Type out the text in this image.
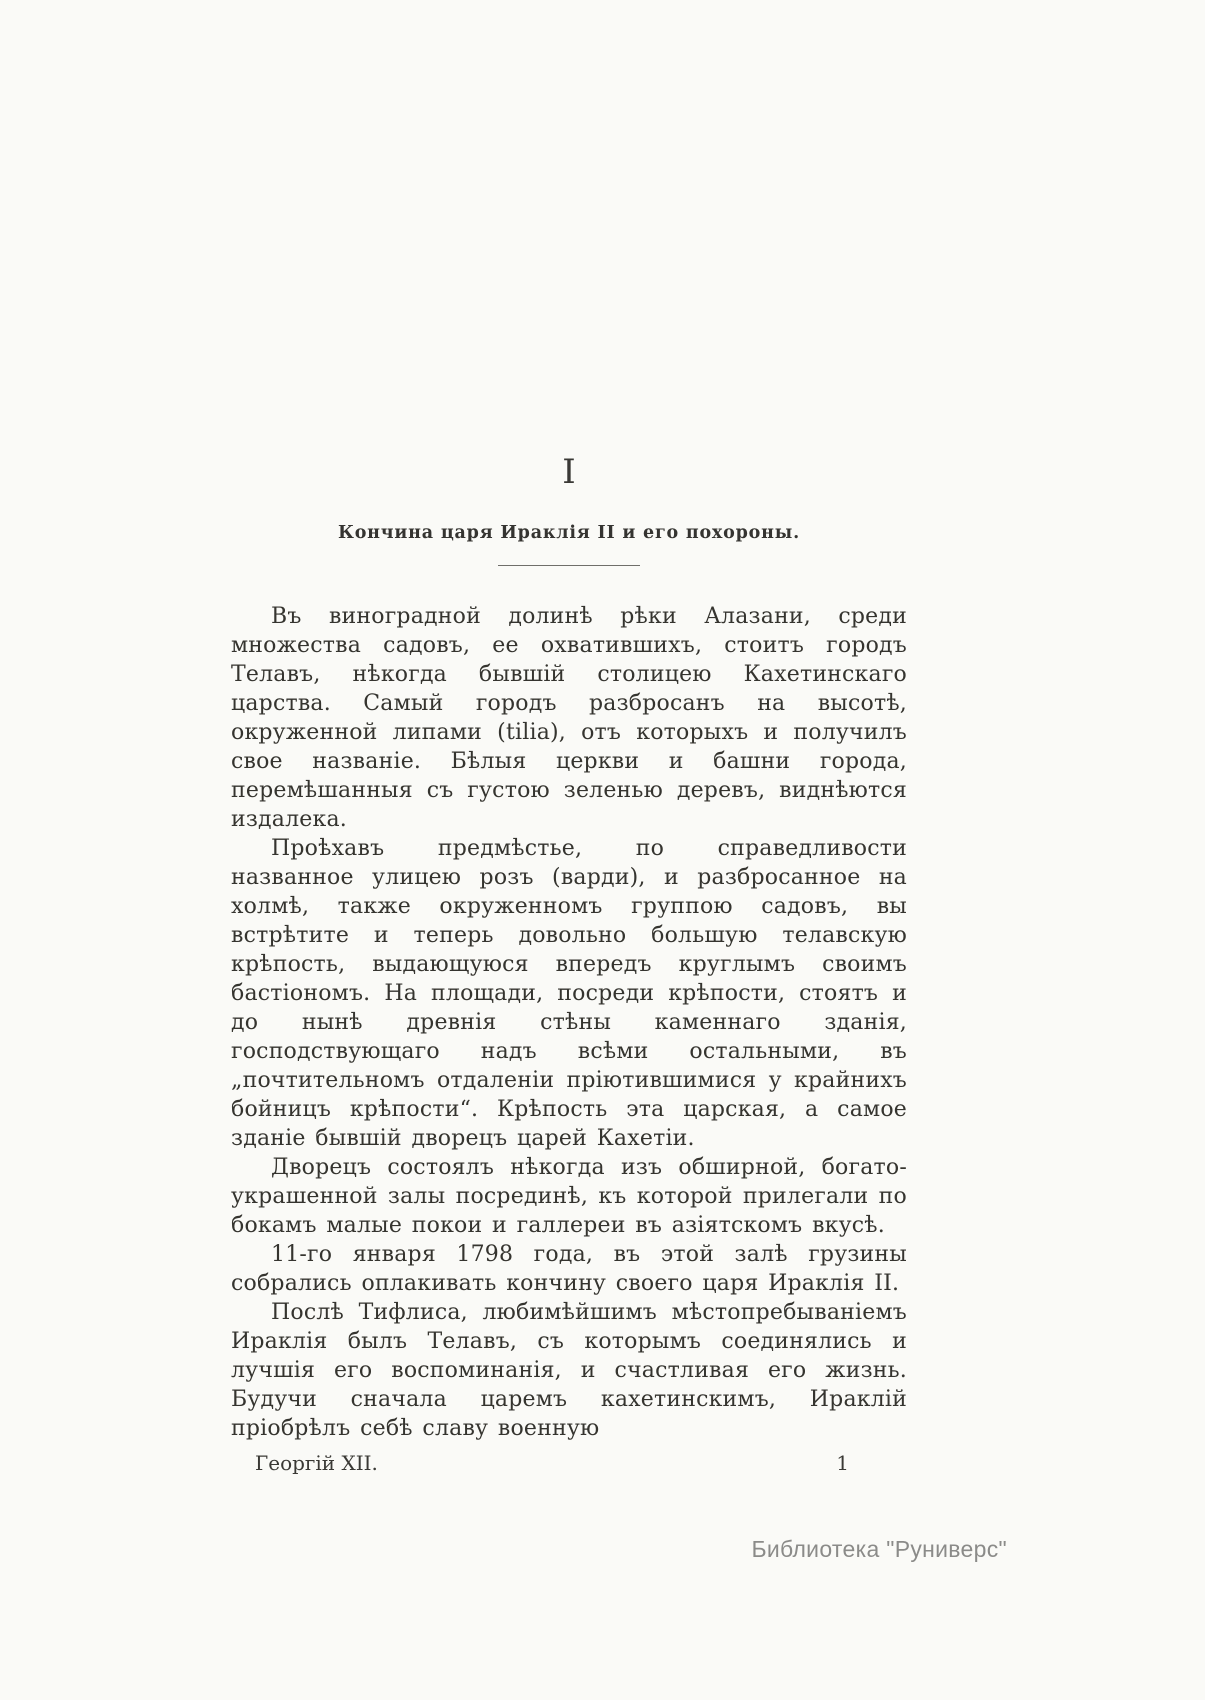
I
Кончина царя Ираклія II и его похороны.

Въ виноградной долинѣ рѣки Алазани, среди множества садовъ, ее охватившихъ, стоитъ городъ Телавъ, нѣкогда бывшій столицею Кахетинскаго царства. Самый городъ разбросанъ на высотѣ, окруженной липами (tilia), отъ которыхъ и получилъ свое названіе. Бѣлыя церкви и башни города, перемѣшанныя съ густою зеленью деревъ, виднѣются издалека.

Проѣхавъ предмѣстье, по справедливости названное улицею розъ (варди), и разбросанное на холмѣ, также окруженномъ группою садовъ, вы встрѣтите и теперь довольно большую телавскую крѣпость, выдающуюся впередъ круглымъ своимъ бастіономъ. На площади, посреди крѣпости, стоятъ и до нынѣ древнія стѣны каменнаго зданія, господствующаго надъ всѣми остальными, въ „почтительномъ отдаленіи пріютившимися у крайнихъ бойницъ крѣпости“. Крѣпость эта царская, а самое зданіе бывшій дворецъ царей Кахетіи.

Дворецъ состоялъ нѣкогда изъ обширной, богато-украшенной залы посрединѣ, къ которой прилегали по бокамъ малые покои и галлереи въ азіятскомъ вкусѣ.

11-го января 1798 года, въ этой залѣ грузины собрались оплакивать кончину своего царя Ираклія II.

Послѣ Тифлиса, любимѣйшимъ мѣстопребываніемъ Ираклія былъ Телавъ, съ которымъ соединялись и лучшія его воспоминанія, и счастливая его жизнь. Будучи сначала царемъ кахетинскимъ, Ираклій пріобрѣлъ себѣ славу военную

Георгій XII.	1
Библиотека "Руниверс"
